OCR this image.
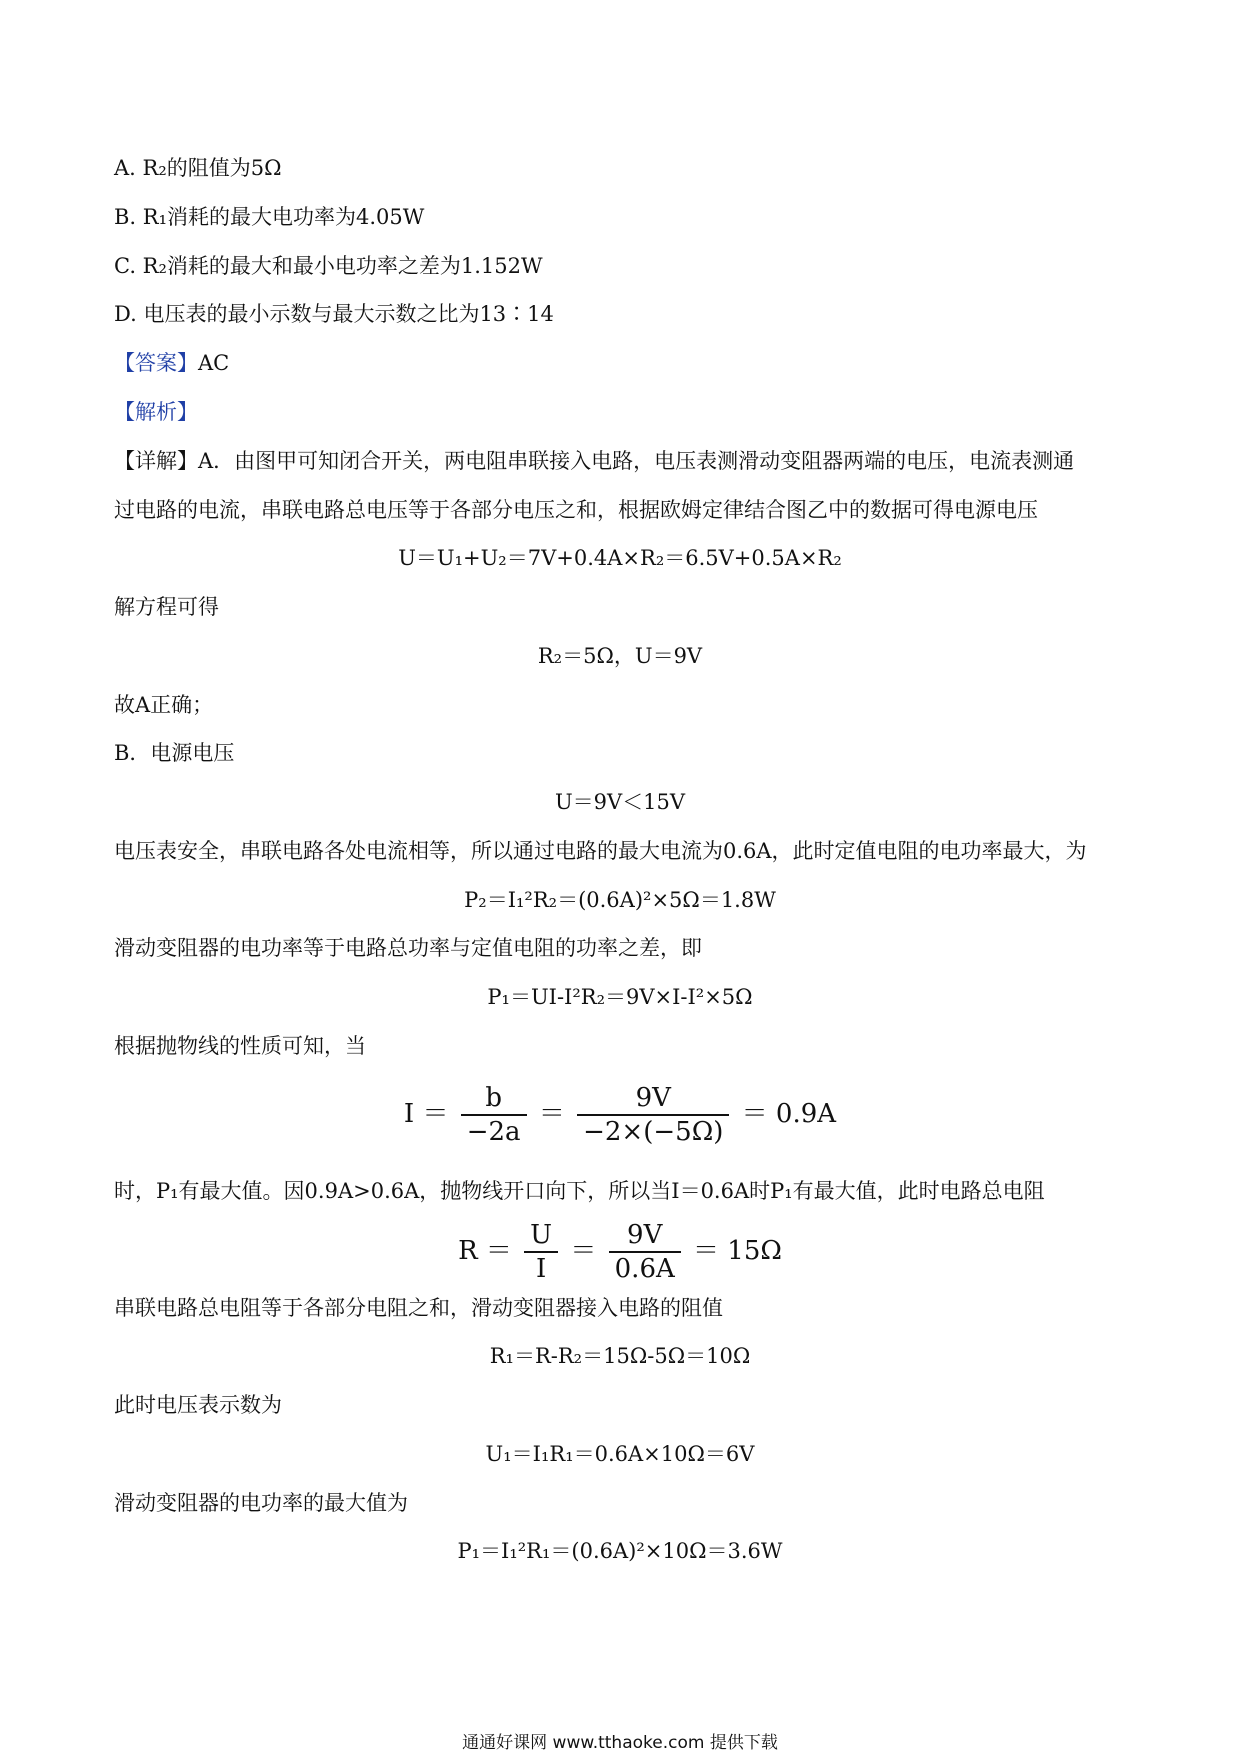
A. R₂的阻值为5Ω
B. R₁消耗的最大电功率为4.05W
C. R₂消耗的最大和最小电功率之差为1.152W
D. 电压表的最小示数与最大示数之比为13∶14
【答案】AC
【解析】
【详解】A．由图甲可知闭合开关，两电阻串联接入电路，电压表测滑动变阻器两端的电压，电流表测通
过电路的电流，串联电路总电压等于各部分电压之和，根据欧姆定律结合图乙中的数据可得电源电压
U＝U₁+U₂＝7V+0.4A×R₂＝6.5V+0.5A×R₂
解方程可得
R₂＝5Ω，U＝9V
故A正确；
B．电源电压
U＝9V＜15V
电压表安全，串联电路各处电流相等，所以通过电路的最大电流为0.6A，此时定值电阻的电功率最大，为
P₂＝I₁²R₂＝(0.6A)²×5Ω＝1.8W
滑动变阻器的电功率等于电路总功率与定值电阻的功率之差，即
P₁＝UI-I²R₂＝9V×I-I²×5Ω
根据抛物线的性质可知，当
$I = \frac{b}{-2a} = \frac{9V}{-2\times(-5\Omega)} = 0.9A$
时，P₁有最大值。因0.9A>0.6A，抛物线开口向下，所以当I＝0.6A时P₁有最大值，此时电路总电阻
$R = \frac{U}{I} = \frac{9V}{0.6A} = 15\Omega$
串联电路总电阻等于各部分电阻之和，滑动变阻器接入电路的阻值
R₁＝R-R₂＝15Ω-5Ω＝10Ω
此时电压表示数为
U₁＝I₁R₁＝0.6A×10Ω＝6V
滑动变阻器的电功率的最大值为
P₁＝I₁²R₁＝(0.6A)²×10Ω＝3.6W
通通好课网 www.tthaoke.com 提供下载
